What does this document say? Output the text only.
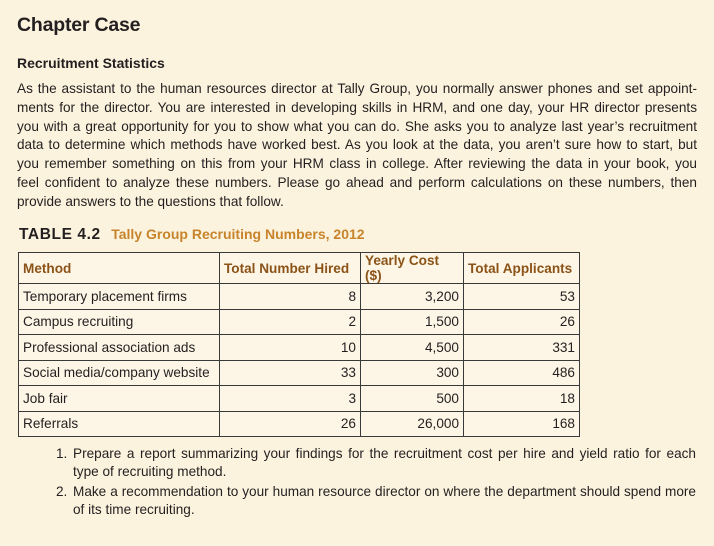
Chapter Case
Recruitment Statistics
As the assistant to the human resources director at Tally Group, you normally answer phones and set appoint-
ments for the director. You are interested in developing skills in HRM, and one day, your HR director presents
you with a great opportunity for you to show what you can do. She asks you to analyze last year’s recruitment
data to determine which methods have worked best. As you look at the data, you aren’t sure how to start, but
you remember something on this from your HRM class in college. After reviewing the data in your book, you
feel confident to analyze these numbers. Please go ahead and perform calculations on these numbers, then
provide answers to the questions that follow.
TABLE 4.2 Tally Group Recruiting Numbers, 2012
Method	Total Number Hired	Yearly Cost ($)	Total Applicants
Temporary placement firms	8	3,200	53
Campus recruiting	2	1,500	26
Professional association ads	10	4,500	331
Social media/company website	33	300	486
Job fair	3	500	18
Referrals	26	26,000	168
1. Prepare a report summarizing your findings for the recruitment cost per hire and yield ratio for each type of recruiting method.
2. Make a recommendation to your human resource director on where the department should spend more of its time recruiting.
